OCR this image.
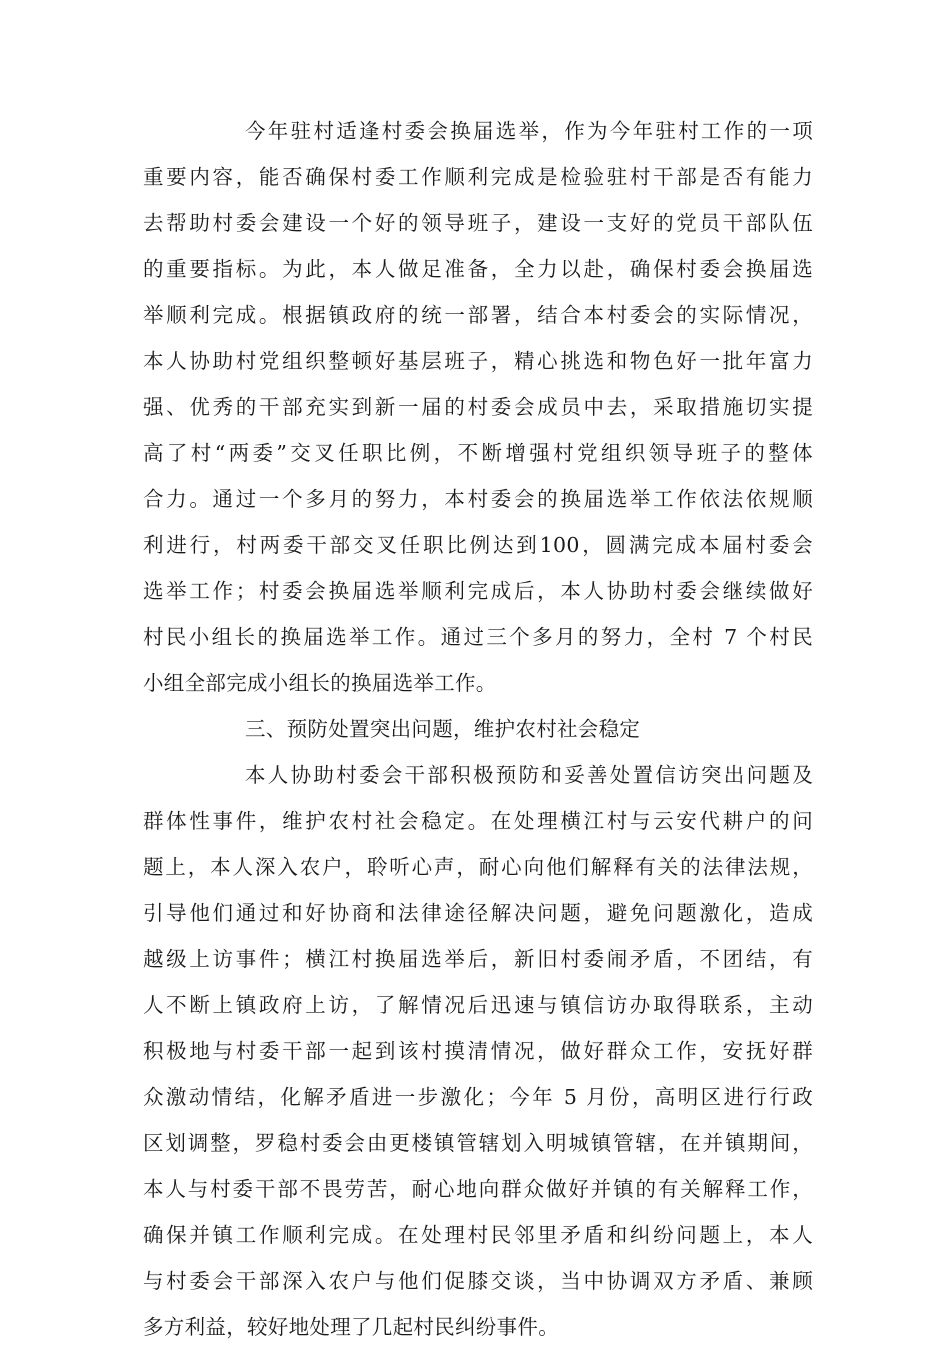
今年驻村适逢村委会换届选举，作为今年驻村工作的一项
重要内容，能否确保村委工作顺利完成是检验驻村干部是否有能力
去帮助村委会建设一个好的领导班子，建设一支好的党员干部队伍
的重要指标。为此，本人做足准备，全力以赴，确保村委会换届选
举顺利完成。根据镇政府的统一部署，结合本村委会的实际情况，
本人协助村党组织整顿好基层班子，精心挑选和物色好一批年富力
强、优秀的干部充实到新一届的村委会成员中去，采取措施切实提
高了村“两委”交叉任职比例，不断增强村党组织领导班子的整体
合力。通过一个多月的努力，本村委会的换届选举工作依法依规顺
利进行，村两委干部交叉任职比例达到100，圆满完成本届村委会
选举工作；村委会换届选举顺利完成后，本人协助村委会继续做好
村民小组长的换届选举工作。通过三个多月的努力，全村 7 个村民
小组全部完成小组长的换届选举工作。
三、预防处置突出问题，维护农村社会稳定
本人协助村委会干部积极预防和妥善处置信访突出问题及
群体性事件，维护农村社会稳定。在处理横江村与云安代耕户的问
题上，本人深入农户，聆听心声，耐心向他们解释有关的法律法规，
引导他们通过和好协商和法律途径解决问题，避免问题激化，造成
越级上访事件；横江村换届选举后，新旧村委闹矛盾，不团结，有
人不断上镇政府上访，了解情况后迅速与镇信访办取得联系，主动
积极地与村委干部一起到该村摸清情况，做好群众工作，安抚好群
众激动情结，化解矛盾进一步激化；今年 5 月份，高明区进行行政
区划调整，罗稳村委会由更楼镇管辖划入明城镇管辖，在并镇期间，
本人与村委干部不畏劳苦，耐心地向群众做好并镇的有关解释工作，
确保并镇工作顺利完成。在处理村民邻里矛盾和纠纷问题上，本人
与村委会干部深入农户与他们促膝交谈，当中协调双方矛盾、兼顾
多方利益，较好地处理了几起村民纠纷事件。
